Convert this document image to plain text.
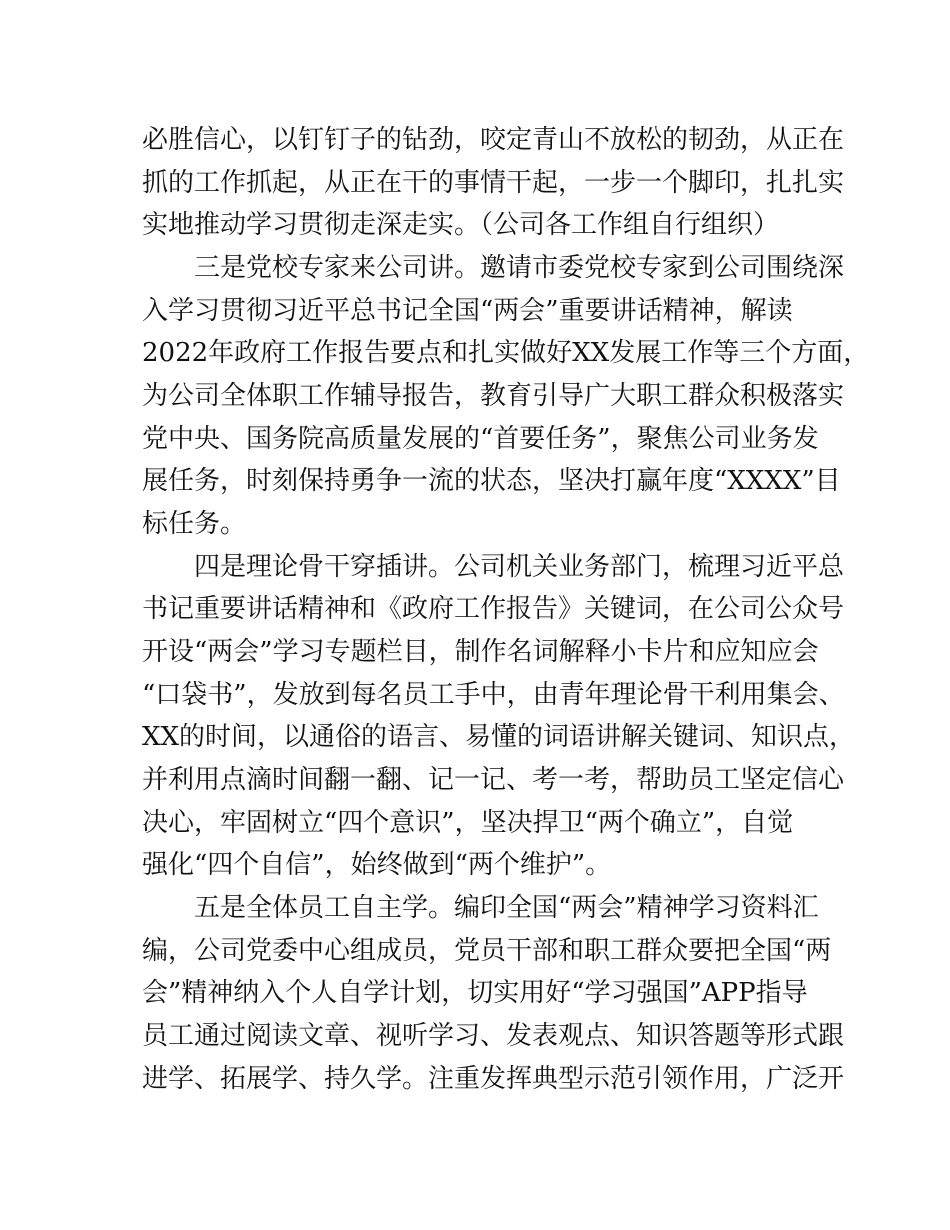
必胜信心，以钉钉子的钻劲，咬定青山不放松的韧劲，从正在
抓的工作抓起，从正在干的事情干起，一步一个脚印，扎扎实
实地推动学习贯彻走深走实。（公司各工作组自行组织）
三是党校专家来公司讲。邀请市委党校专家到公司围绕深
入学习贯彻习近平总书记全国“两会”重要讲话精神，解读
2022年政府工作报告要点和扎实做好XX发展工作等三个方面，
为公司全体职工作辅导报告，教育引导广大职工群众积极落实
党中央、国务院高质量发展的“首要任务”，聚焦公司业务发
展任务，时刻保持勇争一流的状态，坚决打赢年度“XXXX”目
标任务。
四是理论骨干穿插讲。公司机关业务部门，梳理习近平总
书记重要讲话精神和《政府工作报告》关键词，在公司公众号
开设“两会”学习专题栏目，制作名词解释小卡片和应知应会
“口袋书”，发放到每名员工手中，由青年理论骨干利用集会、
XX的时间，以通俗的语言、易懂的词语讲解关键词、知识点，
并利用点滴时间翻一翻、记一记、考一考，帮助员工坚定信心
决心，牢固树立“四个意识”，坚决捍卫“两个确立”，自觉
强化“四个自信”，始终做到“两个维护”。
五是全体员工自主学。编印全国“两会”精神学习资料汇
编，公司党委中心组成员，党员干部和职工群众要把全国“两
会”精神纳入个人自学计划，切实用好“学习强国”APP指导
员工通过阅读文章、视听学习、发表观点、知识答题等形式跟
进学、拓展学、持久学。注重发挥典型示范引领作用，广泛开
